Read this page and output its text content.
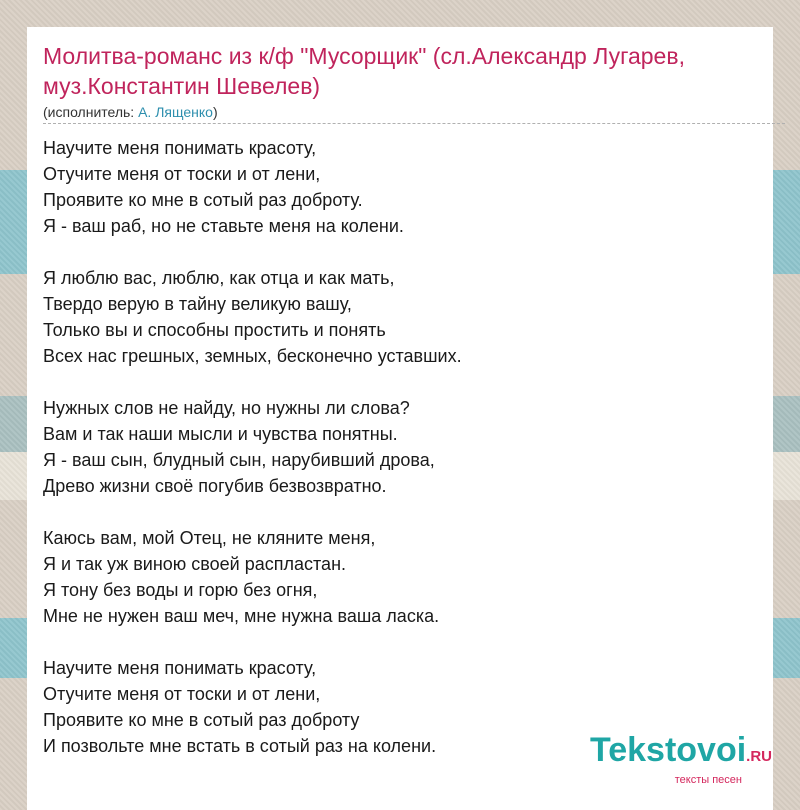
Молитва-романс из к/ф "Мусорщик" (сл.Александр Лугарев, муз.Константин Шевелев)
(исполнитель: А. Лященко)
Научите меня понимать красоту,
Отучите меня от тоски и от лени,
Проявите ко мне в сотый раз доброту.
Я - ваш раб, но не ставьте меня на колени.
Я люблю вас, люблю, как отца и как мать,
Твердо верую в тайну великую вашу,
Только вы и способны простить и понять
Всех нас грешных, земных, бесконечно уставших.
Нужных слов не найду, но нужны ли слова?
Вам и так наши мысли и чувства понятны.
Я - ваш сын, блудный сын, нарубивший дрова,
Древо жизни своё погубив безвозвратно.
Каюсь вам, мой Отец, не кляните меня,
Я и так уж виною своей распластан.
Я тону без воды и горю без огня,
Мне не нужен ваш меч, мне нужна ваша ласка.
Научите меня понимать красоту,
Отучите меня от тоски и от лени,
Проявите ко мне в сотый раз доброту
И позвольте мне встать в сотый раз на колени.	Tekstovoi.RU
тексты песен
